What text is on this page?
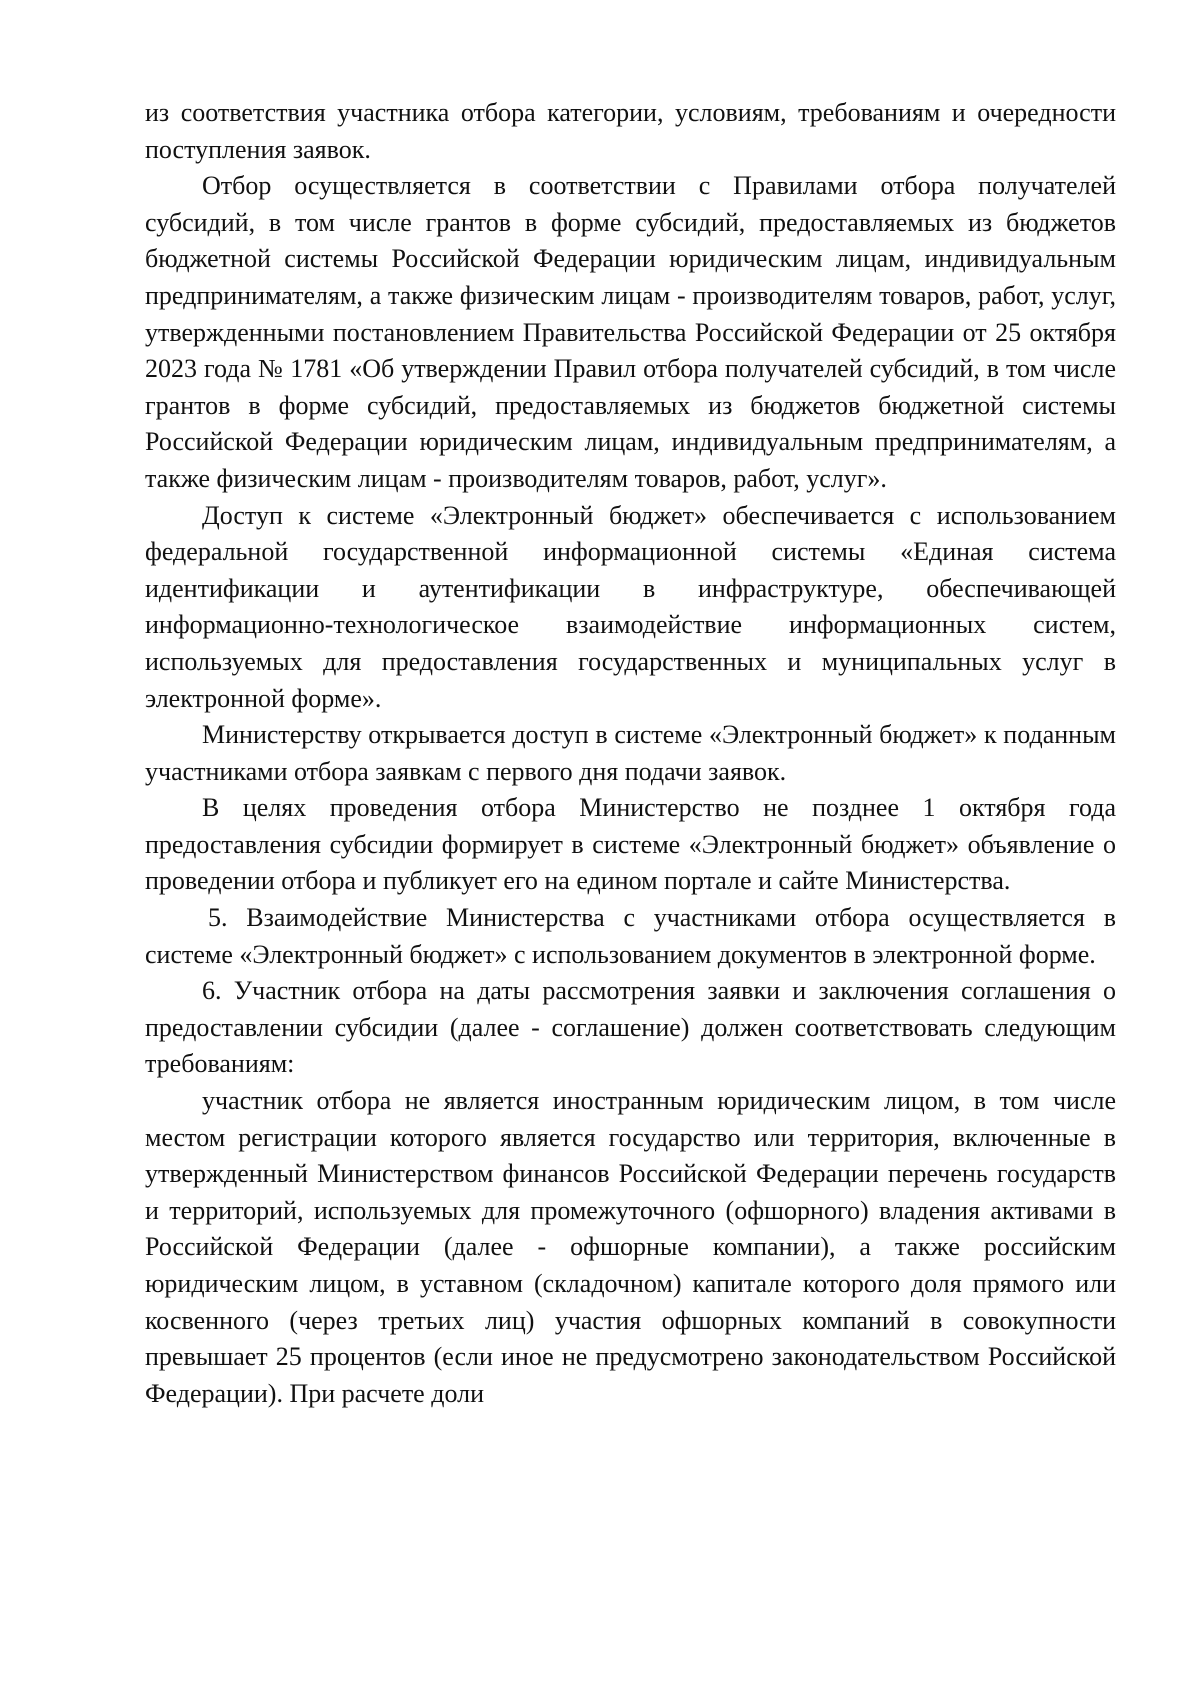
из соответствия участника отбора категории, условиям, требованиям и очередности поступления заявок.

Отбор осуществляется в соответствии с Правилами отбора получателей субсидий, в том числе грантов в форме субсидий, предоставляемых из бюджетов бюджетной системы Российской Федерации юридическим лицам, индивидуальным предпринимателям, а также физическим лицам - производителям товаров, работ, услуг, утвержденными постановлением Правительства Российской Федерации от 25 октября 2023 года № 1781 «Об утверждении Правил отбора получателей субсидий, в том числе грантов в форме субсидий, предоставляемых из бюджетов бюджетной системы Российской Федерации юридическим лицам, индивидуальным предпринимателям, а также физическим лицам - производителям товаров, работ, услуг».

Доступ к системе «Электронный бюджет» обеспечивается с использованием федеральной государственной информационной системы «Единая система идентификации и аутентификации в инфраструктуре, обеспечивающей информационно-технологическое взаимодействие информационных систем, используемых для предоставления государственных и муниципальных услуг в электронной форме».

Министерству открывается доступ в системе «Электронный бюджет» к поданным участниками отбора заявкам с первого дня подачи заявок.

В целях проведения отбора Министерство не позднее 1 октября года предоставления субсидии формирует в системе «Электронный бюджет» объявление о проведении отбора и публикует его на едином портале и сайте Министерства.

5. Взаимодействие Министерства с участниками отбора осуществляется в системе «Электронный бюджет» с использованием документов в электронной форме.

6. Участник отбора на даты рассмотрения заявки и заключения соглашения о предоставлении субсидии (далее - соглашение) должен соответствовать следующим требованиям:

участник отбора не является иностранным юридическим лицом, в том числе местом регистрации которого является государство или территория, включенные в утвержденный Министерством финансов Российской Федерации перечень государств и территорий, используемых для промежуточного (офшорного) владения активами в Российской Федерации (далее - офшорные компании), а также российским юридическим лицом, в уставном (складочном) капитале которого доля прямого или косвенного (через третьих лиц) участия офшорных компаний в совокупности превышает 25 процентов (если иное не предусмотрено законодательством Российской Федерации). При расчете доли
